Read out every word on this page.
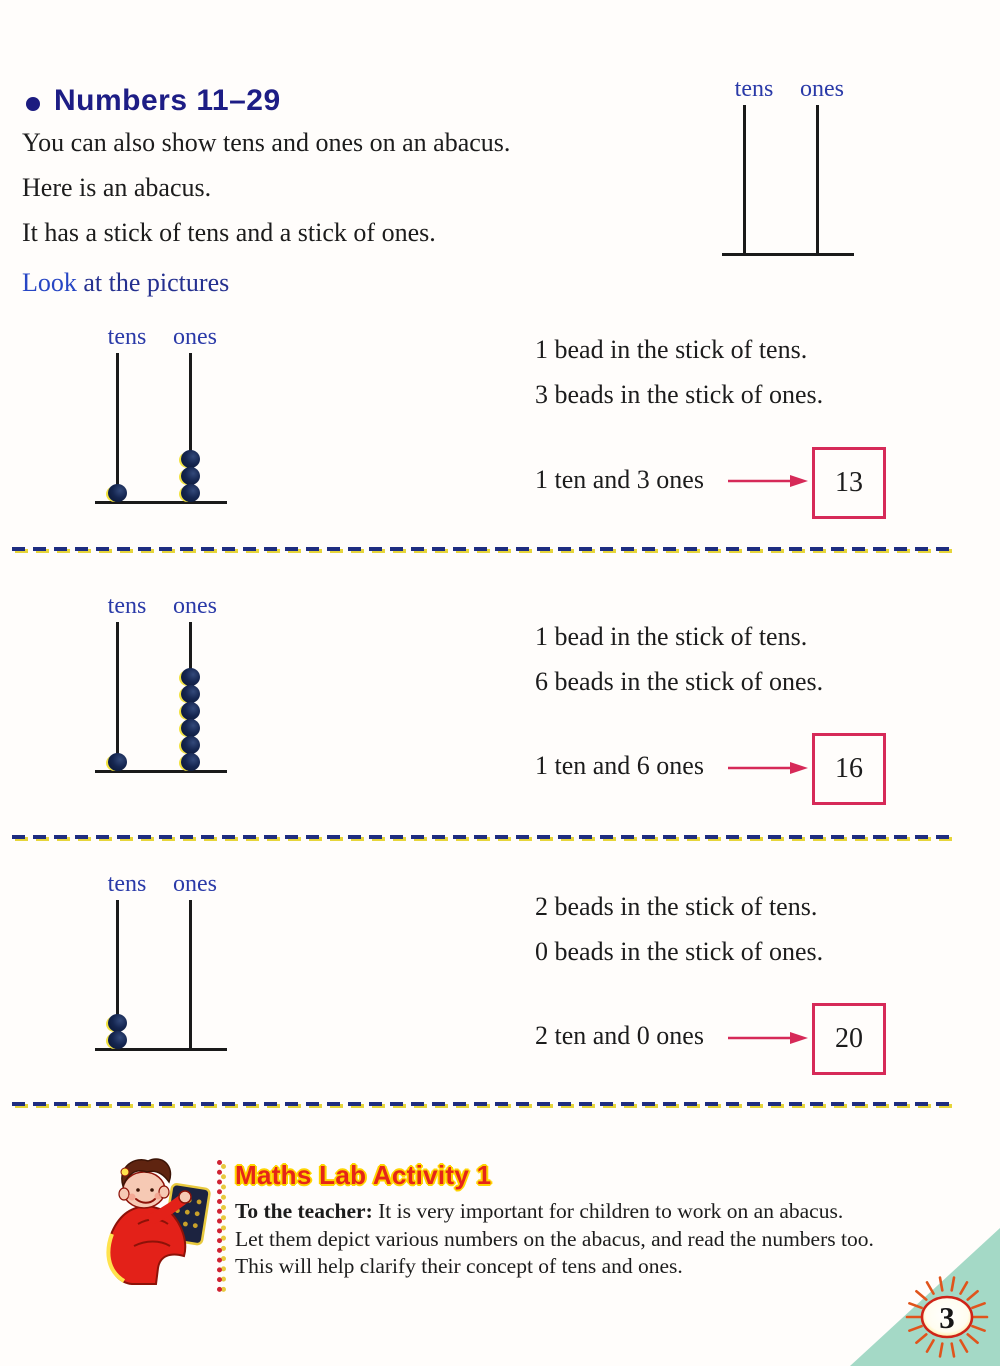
Numbers 11–29
You can also show tens and ones on an abacus.
Here is an abacus.
It has a stick of tens and a stick of ones.
Look at the pictures
tens ones
tens ones	1 bead in the stick of tens.
3 beads in the stick of ones.
1 ten and 3 ones	13
tens ones
1 bead in the stick of tens.
6 beads in the stick of ones.
1 ten and 6 ones	16
tens ones
2 beads in the stick of tens.
0 beads in the stick of ones.
2 ten and 0 ones	20
Maths Lab Activity 1
To the teacher: It is very important for children to work on an abacus.
Let them depict various numbers on the abacus, and read the numbers too.
This will help clarify their concept of tens and ones.
3
